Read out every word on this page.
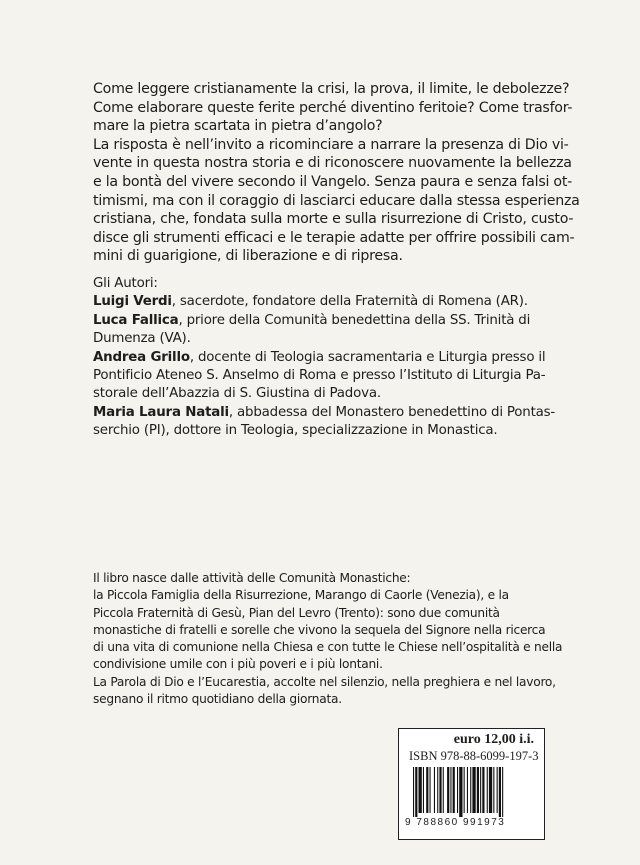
Come leggere cristianamente la crisi, la prova, il limite, le debolezze?
Come elaborare queste ferite perché diventino feritoie? Come trasfor-
mare la pietra scartata in pietra d’angolo?
La risposta è nell’invito a ricominciare a narrare la presenza di Dio vi-
vente in questa nostra storia e di riconoscere nuovamente la bellezza
e la bontà del vivere secondo il Vangelo. Senza paura e senza falsi ot-
timismi, ma con il coraggio di lasciarci educare dalla stessa esperienza
cristiana, che, fondata sulla morte e sulla risurrezione di Cristo, custo-
disce gli strumenti efficaci e le terapie adatte per offrire possibili cam-
mini di guarigione, di liberazione e di ripresa.
Gli Autori:
Luigi Verdi, sacerdote, fondatore della Fraternità di Romena (AR).
Luca Fallica, priore della Comunità benedettina della SS. Trinità di
Dumenza (VA).
Andrea Grillo, docente di Teologia sacramentaria e Liturgia presso il
Pontificio Ateneo S. Anselmo di Roma e presso l’Istituto di Liturgia Pa-
storale dell’Abazzia di S. Giustina di Padova.
Maria Laura Natali, abbadessa del Monastero benedettino di Pontas-
serchio (PI), dottore in Teologia, specializzazione in Monastica.
Il libro nasce dalle attività delle Comunità Monastiche:
la Piccola Famiglia della Risurrezione, Marango di Caorle (Venezia), e la
Piccola Fraternità di Gesù, Pian del Levro (Trento): sono due comunità
monastiche di fratelli e sorelle che vivono la sequela del Signore nella ricerca
di una vita di comunione nella Chiesa e con tutte le Chiese nell’ospitalità e nella
condivisione umile con i più poveri e i più lontani.
La Parola di Dio e l’Eucarestia, accolte nel silenzio, nella preghiera e nel lavoro,
segnano il ritmo quotidiano della giornata.
euro 12,00 i.i.
ISBN 978-88-6099-197-3
9 788860 991973
